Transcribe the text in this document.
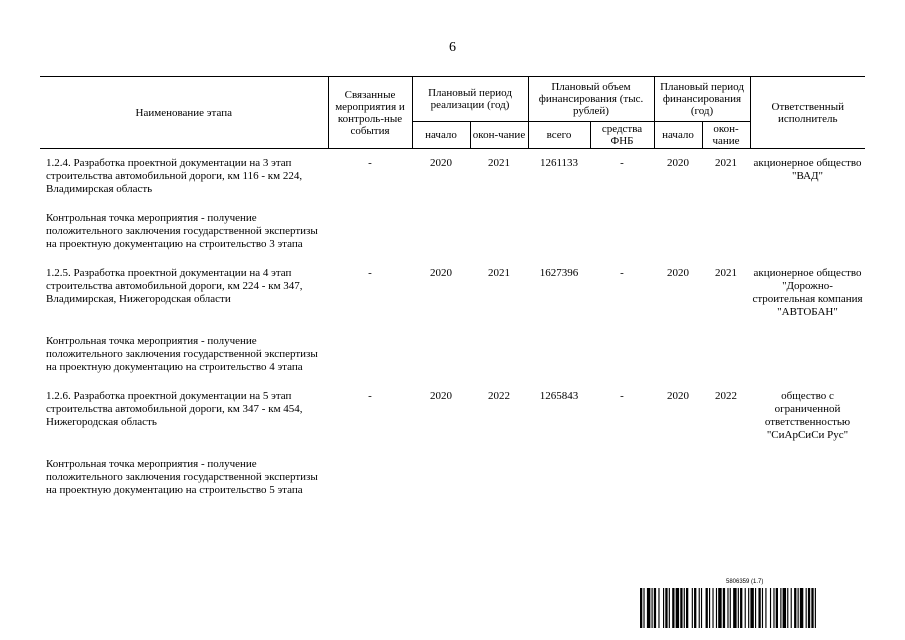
6
Наименование этапа	Связанные мероприятия и контроль-ные события	Плановый период реализации (год)		Плановый объем финансирования (тыс. рублей)		Плановый период финансирования (год)		Ответственный исполнитель
		начало	окон-чание	всего	средства ФНБ	начало	окон-чание	
1.2.4. Разработка проектной документации на 3 этап строительства автомобильной дороги, км 116 - км 224, Владимирская область	-	2020	2021	1261133	-	2020	2021	акционерное общество "ВАД"
Контрольная точка мероприятия - получение положительного заключения государственной экспертизы на проектную документацию на строительство 3 этапа								
1.2.5. Разработка проектной документации на 4 этап строительства автомобильной дороги, км 224 - км 347, Владимирская, Нижегородская области	-	2020	2021	1627396	-	2020	2021	акционерное общество "Дорожно-строительная компания "АВТОБАН"
Контрольная точка мероприятия - получение положительного заключения государственной экспертизы на проектную документацию на строительство 4 этапа								
1.2.6. Разработка проектной документации на 5 этап строительства автомобильной дороги, км 347 - км 454, Нижегородская область	-	2020	2022	1265843	-	2020	2022	общество с ограниченной ответственностью "СиАрСиСи Рус"
Контрольная точка мероприятия - получение положительного заключения государственной экспертизы на проектную документацию на строительство 5 этапа								
5806359 (1.7)
